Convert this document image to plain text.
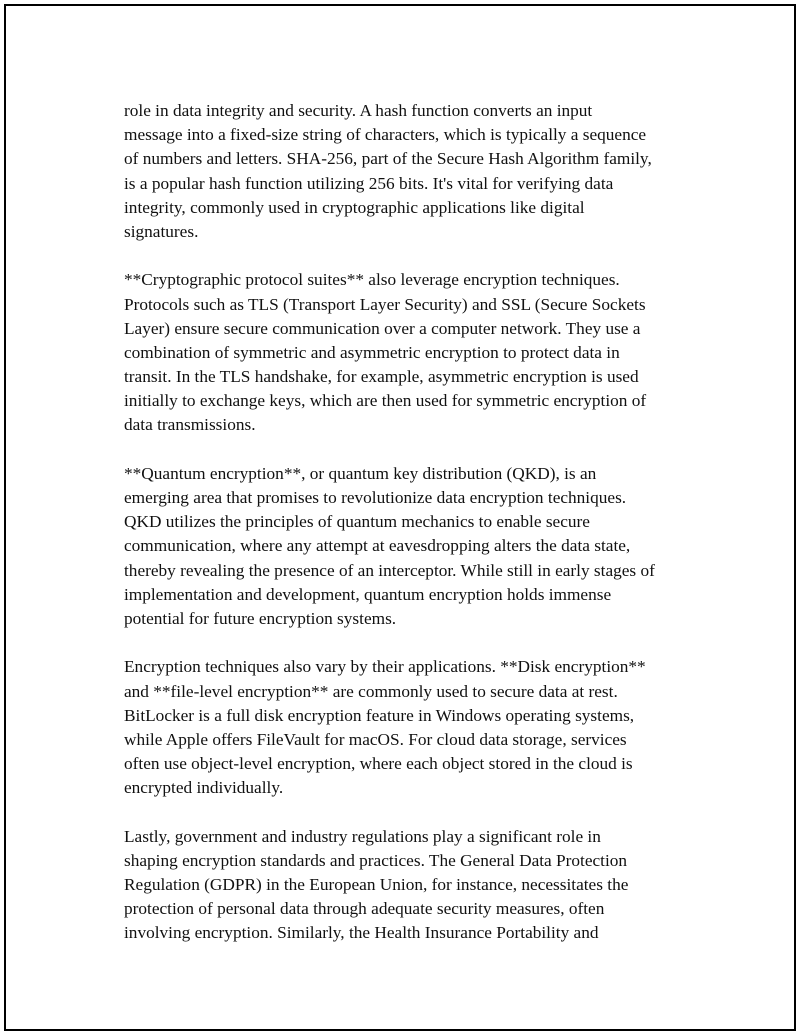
role in data integrity and security. A hash function converts an input
message into a fixed-size string of characters, which is typically a sequence
of numbers and letters. SHA-256, part of the Secure Hash Algorithm family,
is a popular hash function utilizing 256 bits. It's vital for verifying data
integrity, commonly used in cryptographic applications like digital
signatures.
**Cryptographic protocol suites** also leverage encryption techniques.
Protocols such as TLS (Transport Layer Security) and SSL (Secure Sockets
Layer) ensure secure communication over a computer network. They use a
combination of symmetric and asymmetric encryption to protect data in
transit. In the TLS handshake, for example, asymmetric encryption is used
initially to exchange keys, which are then used for symmetric encryption of
data transmissions.
**Quantum encryption**, or quantum key distribution (QKD), is an
emerging area that promises to revolutionize data encryption techniques.
QKD utilizes the principles of quantum mechanics to enable secure
communication, where any attempt at eavesdropping alters the data state,
thereby revealing the presence of an interceptor. While still in early stages of
implementation and development, quantum encryption holds immense
potential for future encryption systems.
Encryption techniques also vary by their applications. **Disk encryption**
and **file-level encryption** are commonly used to secure data at rest.
BitLocker is a full disk encryption feature in Windows operating systems,
while Apple offers FileVault for macOS. For cloud data storage, services
often use object-level encryption, where each object stored in the cloud is
encrypted individually.
Lastly, government and industry regulations play a significant role in
shaping encryption standards and practices. The General Data Protection
Regulation (GDPR) in the European Union, for instance, necessitates the
protection of personal data through adequate security measures, often
involving encryption. Similarly, the Health Insurance Portability and
